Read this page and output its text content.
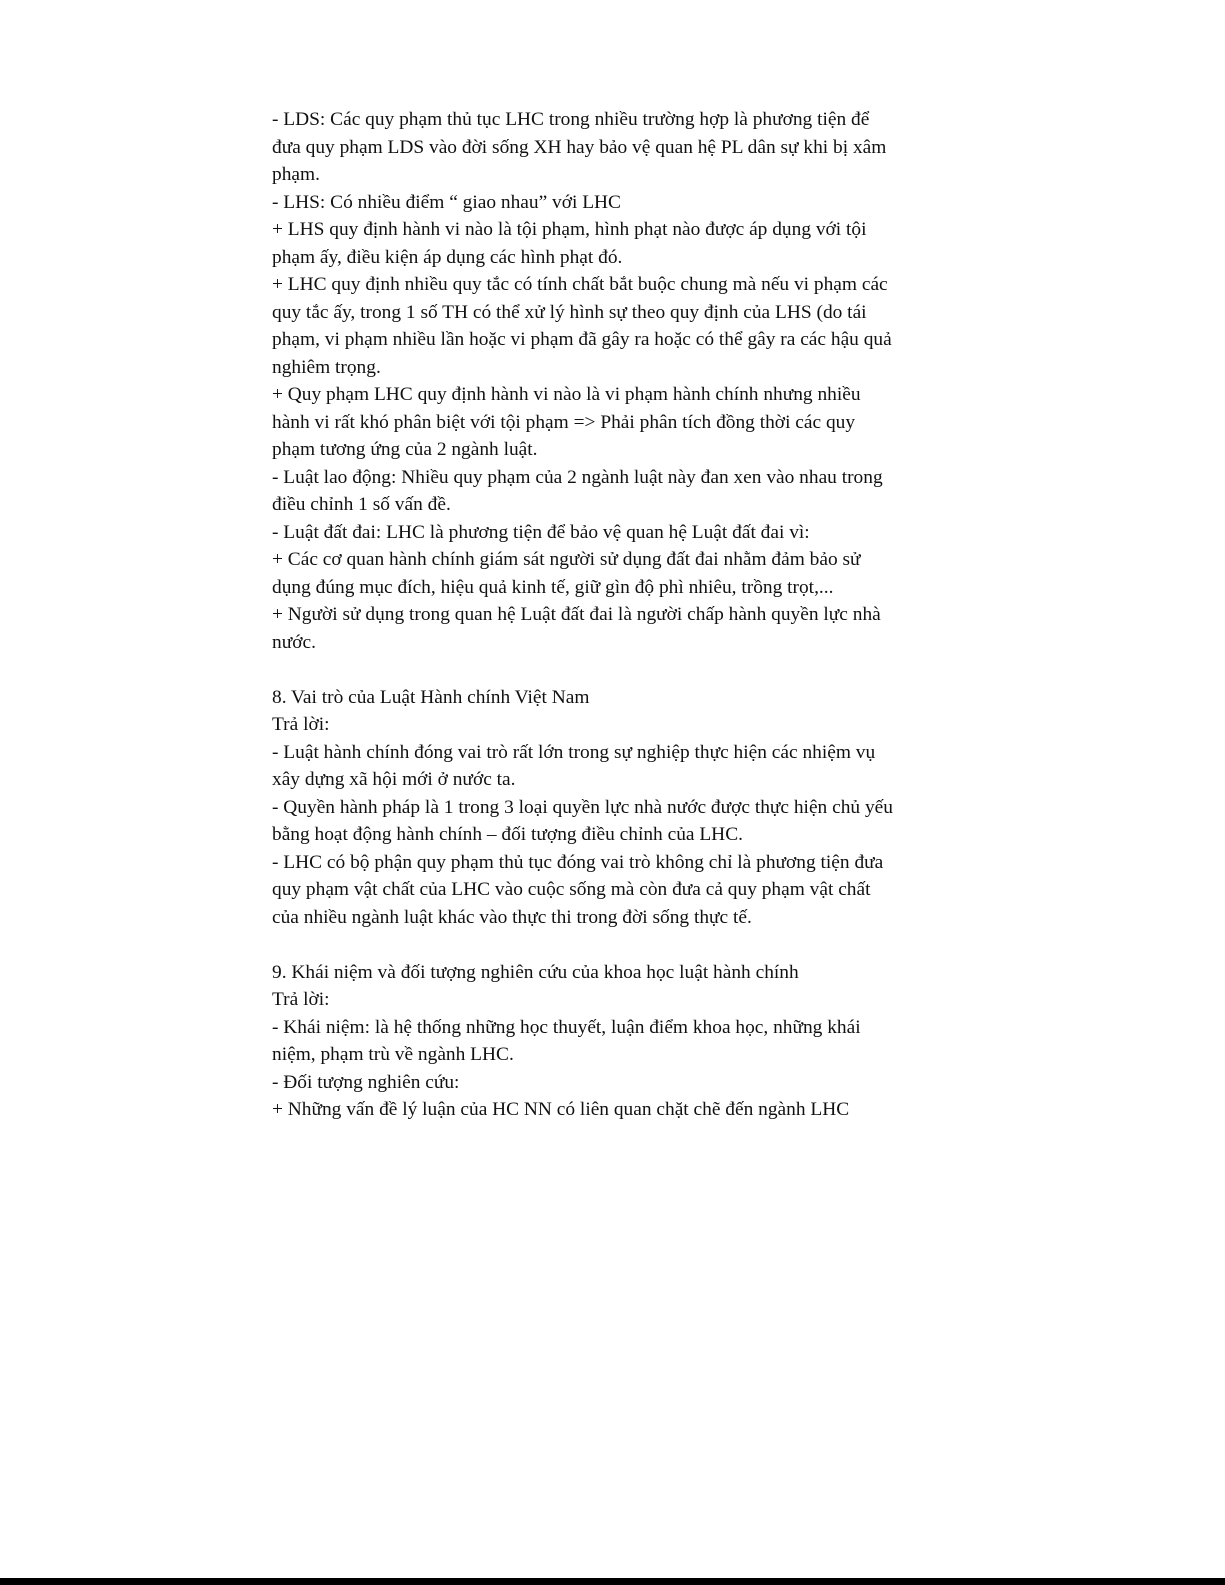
- LDS: Các quy phạm thủ tục LHC trong nhiều trường hợp là phương tiện để
đưa quy phạm LDS vào đời sống XH hay bảo vệ quan hệ PL dân sự khi bị xâm
phạm.
- LHS: Có nhiều điểm “ giao nhau” với LHC
+ LHS quy định hành vi nào là tội phạm, hình phạt nào được áp dụng với tội
phạm ấy, điều kiện áp dụng các hình phạt đó.
+ LHC quy định nhiều quy tắc có tính chất bắt buộc chung mà nếu vi phạm các
quy tắc ấy, trong 1 số TH có thể xử lý hình sự theo quy định của LHS (do tái
phạm, vi phạm nhiều lần hoặc vi phạm đã gây ra hoặc có thể gây ra các hậu quả
nghiêm trọng.
+ Quy phạm LHC quy định hành vi nào là vi phạm hành chính nhưng nhiều
hành vi rất khó phân biệt với tội phạm => Phải phân tích đồng thời các quy
phạm tương ứng của 2 ngành luật.
- Luật lao động: Nhiều quy phạm của 2 ngành luật này đan xen vào nhau trong
điều chỉnh 1 số vấn đề.
- Luật đất đai: LHC là phương tiện để bảo vệ quan hệ Luật đất đai vì:
+ Các cơ quan hành chính giám sát người sử dụng đất đai nhằm đảm bảo sử
dụng đúng mục đích, hiệu quả kinh tế, giữ gìn độ phì nhiêu, trồng trọt,...
+ Người sử dụng trong quan hệ Luật đất đai là người chấp hành quyền lực nhà
nước.
8. Vai trò của Luật Hành chính Việt Nam
Trả lời:
- Luật hành chính đóng vai trò rất lớn trong sự nghiệp thực hiện các nhiệm vụ
xây dựng xã hội mới ở nước ta.
- Quyền hành pháp là 1 trong 3 loại quyền lực nhà nước được thực hiện chủ yếu
bằng hoạt động hành chính – đối tượng điều chỉnh của LHC.
- LHC có bộ phận quy phạm thủ tục đóng vai trò không chỉ là phương tiện đưa
quy phạm vật chất của LHC vào cuộc sống mà còn đưa cả quy phạm vật chất
của nhiều ngành luật khác vào thực thi trong đời sống thực tế.
9. Khái niệm và đối tượng nghiên cứu của khoa học luật hành chính
Trả lời:
- Khái niệm: là hệ thống những học thuyết, luận điểm khoa học, những khái
niệm, phạm trù về ngành LHC.
- Đối tượng nghiên cứu:
+ Những vấn đề lý luận của HC NN có liên quan chặt chẽ đến ngành LHC
